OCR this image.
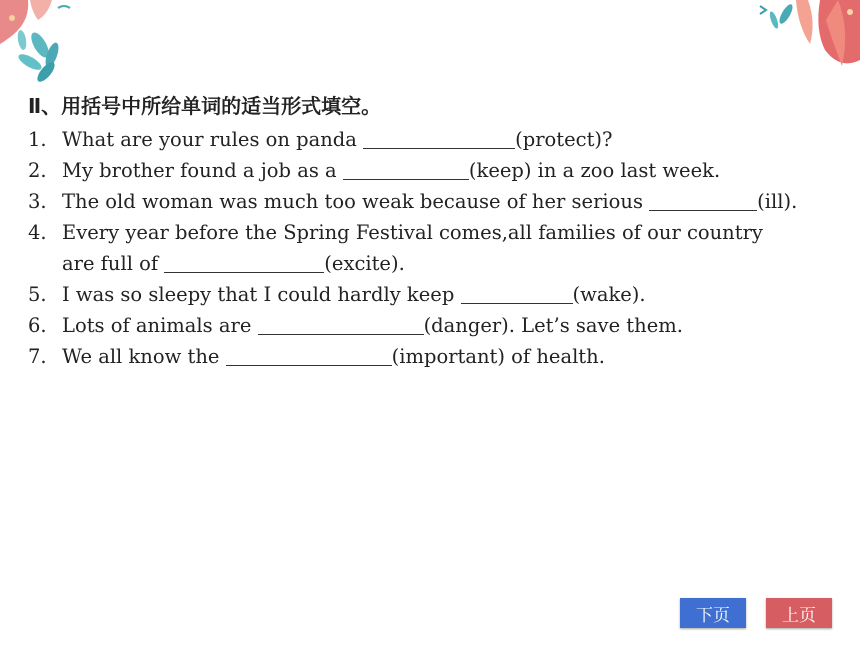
Ⅱ、用括号中所给单词的适当形式填空。
1. What are your rules on panda	(protect)?
2. My brother found a job as a	(keep) in a zoo last week.
3. The old woman was much too weak because of her serious	(ill).
4. Every year before the Spring Festival comes,all families of our country
are full of	(excite).
5. I was so sleepy that I could hardly keep	(wake).
6. Lots of animals are	(danger). Let’s save them.
7. We all know the	(important) of health.
下页	上页
